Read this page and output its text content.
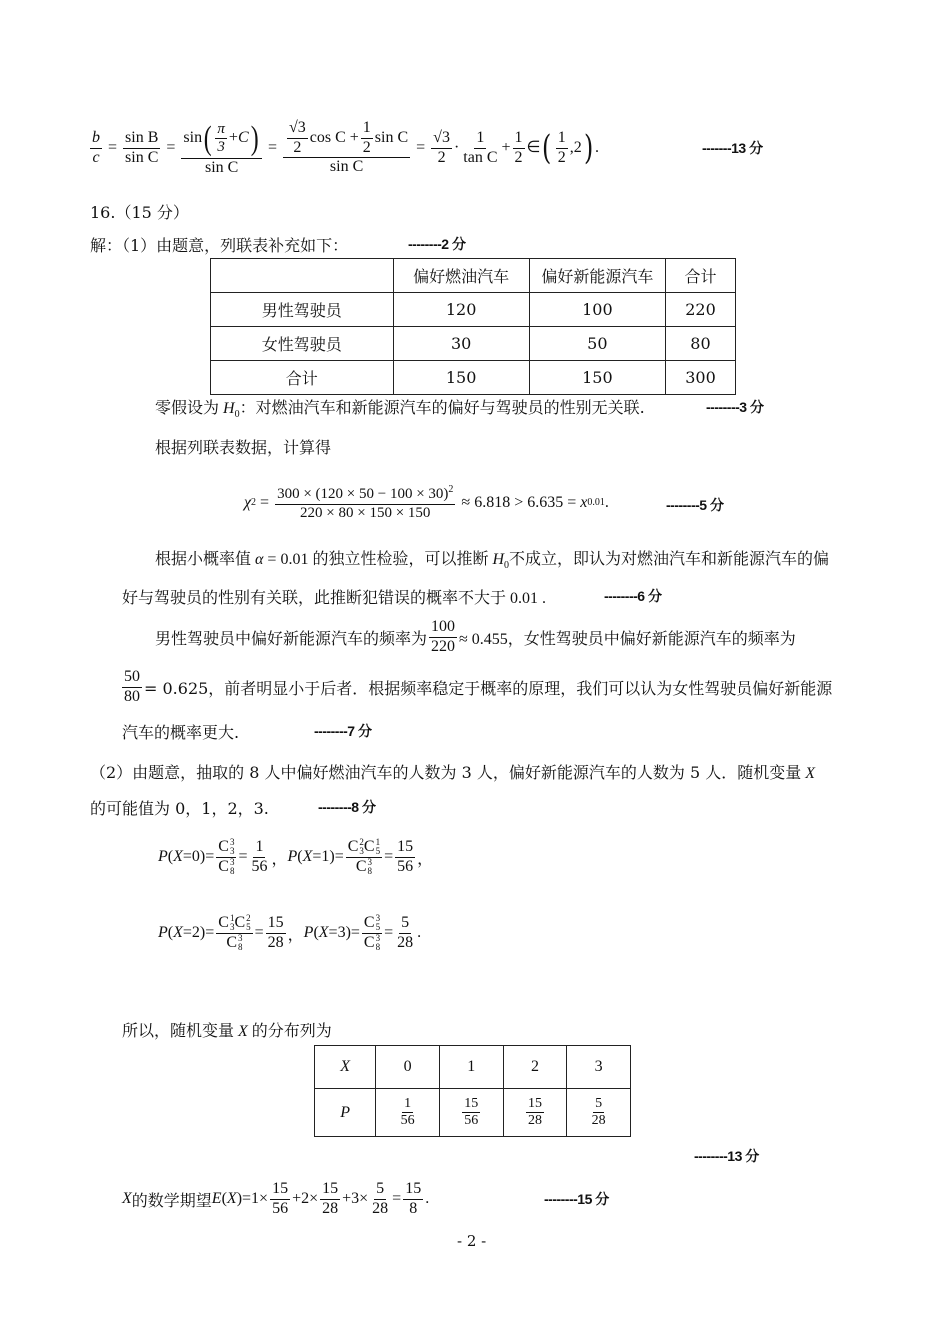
$\frac{b}{c} = \frac{\text{sin B}}{\text{sin C}} = \frac{\sin ( \frac{\pi}{3} + C )}{\text{sin C}} = \frac{\frac{√3}{2} \cos C + \frac{1}{2} \sin C}{\text{sin C}} = \frac{√3}{2} \cdot \frac{1}{\text{tan C}} + \frac{1}{2}$ ∈ ( $\frac{1}{2}$ , 2 ) .	-------13 分
16.（15 分）
解：（1）由题意，列联表补充如下：	--------2 分
	偏好燃油汽车	偏好新能源汽车	合计
男性驾驶员	120	100	220
女性驾驶员	30	50	80
合计	150	150	300
零假设为 $H_0$：对燃油汽车和新能源汽车的偏好与驾驶员的性别无关联.	--------3 分
根据列联表数据，计算得
χ $2 = \frac{300 \times (120 \times 50 - 100 \times 30)^2}{220 \times 80 \times 150 \times 150}$
≈ 6.818 > 6.635 =
x 0.01 .	--------5 分
根据小概率值 α = 0.01 的独立性检验，可以推断 $H_0$不成立，即认为对燃油汽车和新能源汽车的偏
好与驾驶员的性别有关联，此推断犯错误的概率不大于 0.01 .	--------6 分
男性驾驶员中偏好新能源汽车的频率为 $\frac{100}{220} \approx 0.455$，女性驾驶员中偏好新能源汽车的频率为
$\frac{50}{80} = 0.625$，前者明显小于后者．根据频率稳定于概率的原理，我们可以认为女性驾驶员偏好新能源
汽车的概率更大.	--------7 分
（2）由题意，抽取的 8 人中偏好燃油汽车的人数为 3 人，偏好新能源汽车的人数为 5 人．随机变量 X
的可能值为 0，1，2，3.	--------8 分
P ( X =0)= C 3
3
C 3
$8 = \frac{1}{56}$ ， P ( X =1)= C 2
3 C 1
5
C 3
$8 = \frac{15}{56}$ ，
P ( X =2)= C 1
3 C 2
5
C 3
$8 = \frac{15}{28}$ ， P ( X =3)= C 3
5
C 3
$8 = \frac{5}{28}$ .
所以，随机变量 X 的分布列为
X	0	1	2	3
P	$\frac{1}{56}$	$\frac{15}{56}$	$\frac{15}{28}$	$\frac{5}{28}$
--------13 分
X 的数学期望 E ( X )$=1\times \frac{15}{56} +2\times \frac{15}{28} +3\times \frac{5}{28} = \frac{15}{8}$ .	--------15 分
- 2 -
